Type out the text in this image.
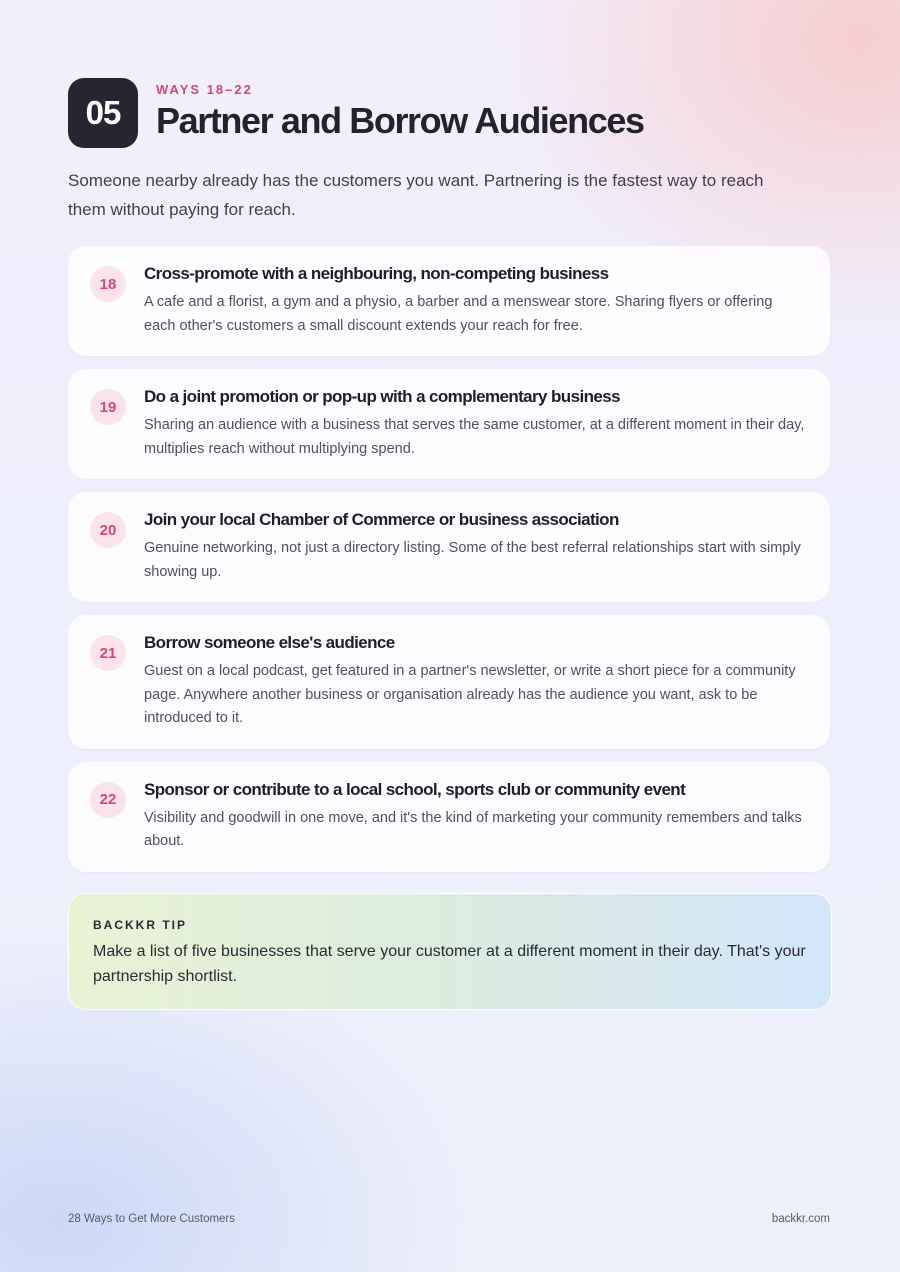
05
WAYS 18–22
Partner and Borrow Audiences
Someone nearby already has the customers you want. Partnering is the fastest way to reach them without paying for reach.
18
Cross-promote with a neighbouring, non-competing business
A cafe and a florist, a gym and a physio, a barber and a menswear store. Sharing flyers or offering each other's customers a small discount extends your reach for free.
19
Do a joint promotion or pop-up with a complementary business
Sharing an audience with a business that serves the same customer, at a different moment in their day, multiplies reach without multiplying spend.
20
Join your local Chamber of Commerce or business association
Genuine networking, not just a directory listing. Some of the best referral relationships start with simply showing up.
21
Borrow someone else's audience
Guest on a local podcast, get featured in a partner's newsletter, or write a short piece for a community page. Anywhere another business or organisation already has the audience you want, ask to be introduced to it.
22
Sponsor or contribute to a local school, sports club or community event
Visibility and goodwill in one move, and it's the kind of marketing your community remembers and talks about.
BACKKR TIP
Make a list of five businesses that serve your customer at a different moment in their day. That's your partnership shortlist.
28 Ways to Get More Customers	backkr.com
